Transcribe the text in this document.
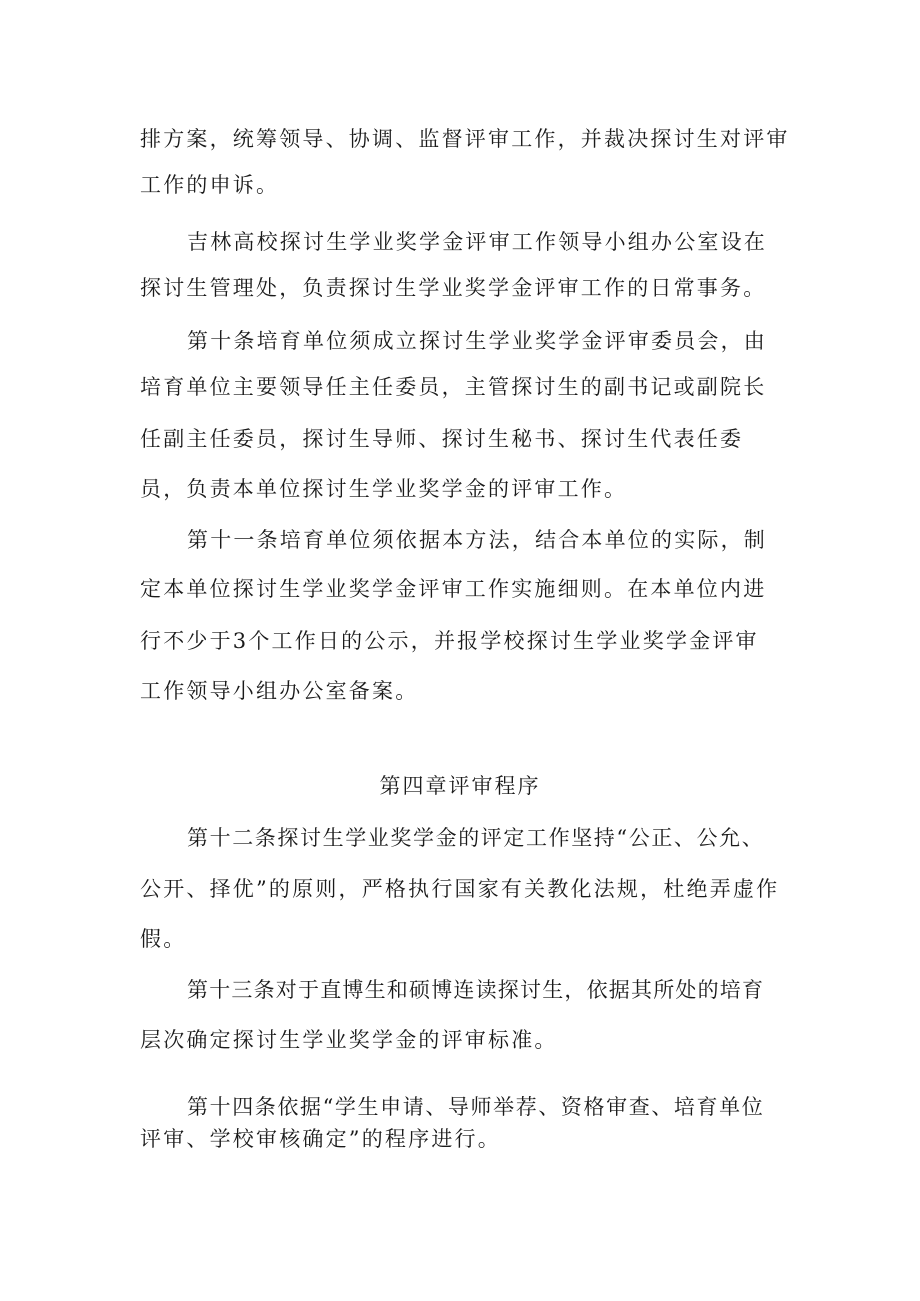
排方案，统筹领导、协调、监督评审工作，并裁决探讨生对评审
工作的申诉。
吉林高校探讨生学业奖学金评审工作领导小组办公室设在
探讨生管理处，负责探讨生学业奖学金评审工作的日常事务。
第十条培育单位须成立探讨生学业奖学金评审委员会，由
培育单位主要领导任主任委员，主管探讨生的副书记或副院长
任副主任委员，探讨生导师、探讨生秘书、探讨生代表任委
员，负责本单位探讨生学业奖学金的评审工作。
第十一条培育单位须依据本方法，结合本单位的实际，制
定本单位探讨生学业奖学金评审工作实施细则。在本单位内进
行不少于3个工作日的公示，并报学校探讨生学业奖学金评审
工作领导小组办公室备案。
第四章评审程序
第十二条探讨生学业奖学金的评定工作坚持“公正、公允、
公开、择优”的原则，严格执行国家有关教化法规，杜绝弄虚作
假。
第十三条对于直博生和硕博连读探讨生，依据其所处的培育
层次确定探讨生学业奖学金的评审标准。
第十四条依据“学生申请、导师举荐、资格审查、培育单位
评审、学校审核确定”的程序进行。
